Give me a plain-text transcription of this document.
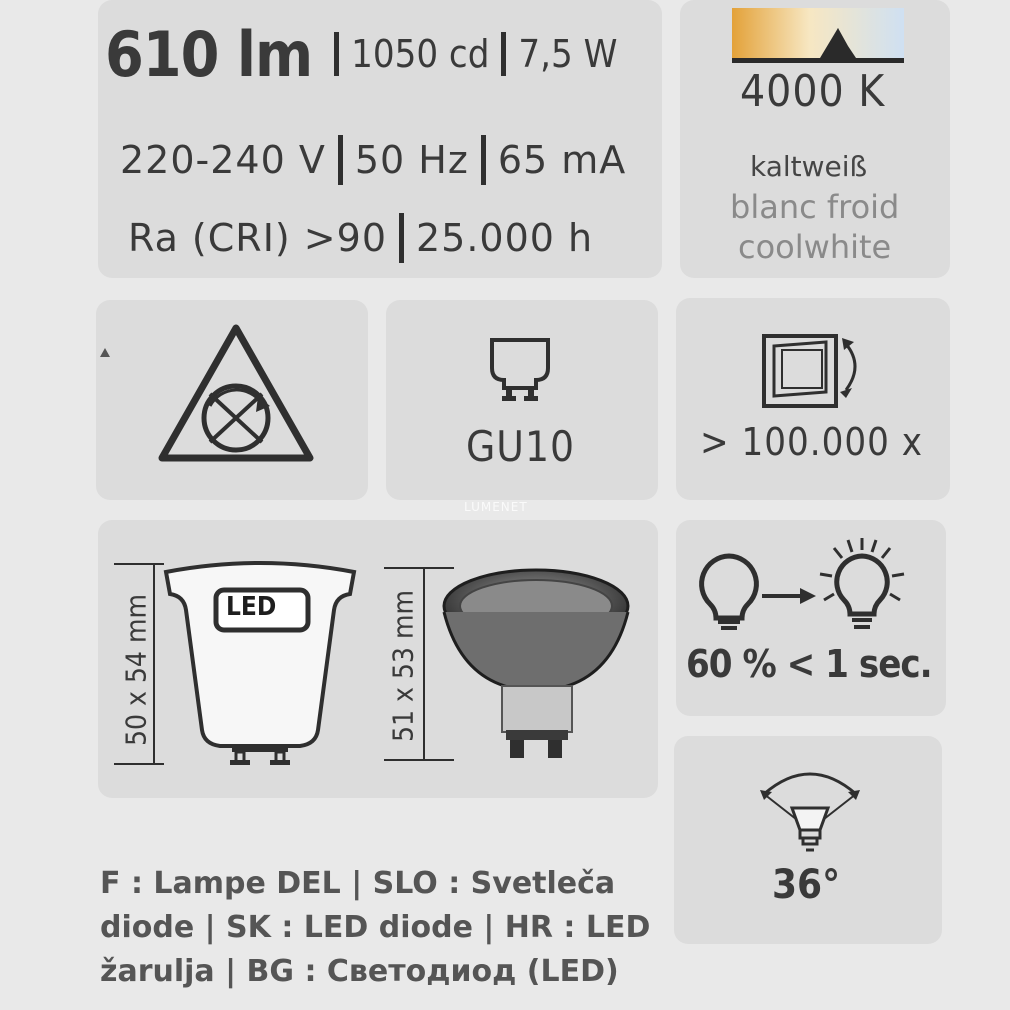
610 lm 1050 cd 7,5 W
220-240 V 50 Hz 65 mA
Ra (CRI) >90 25.000 h
4000 K
kaltweiß
blanc froid
coolwhite
GU10
LUMENET
> 100.000 x
50 x 54 mm	LED	51 x 53 mm	60 % < 1 sec.
36°
F : Lampe DEL | SLO : Svetleča
diode | SK : LED diode | HR : LED
žarulja | BG : Светодиод (LED)
